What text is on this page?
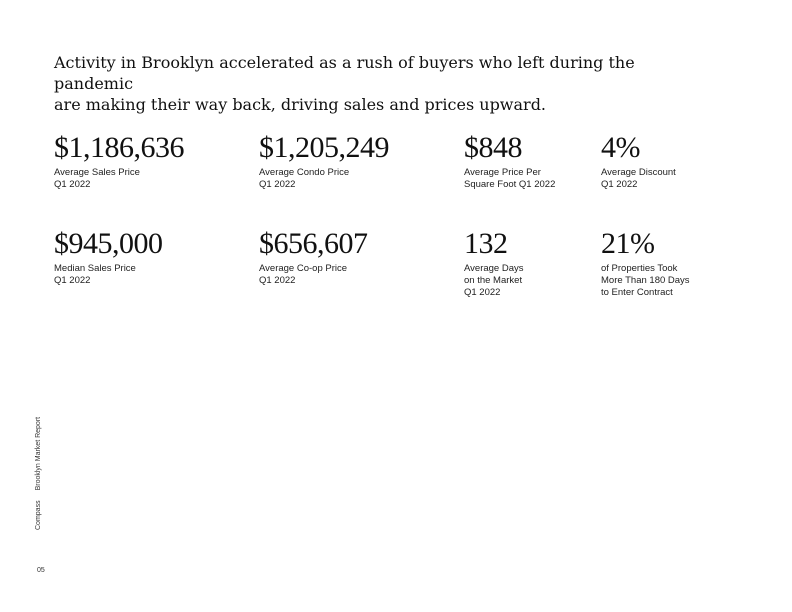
Activity in Brooklyn accelerated as a rush of buyers who left during the pandemic
are making their way back, driving sales and prices upward.

$1,186,636
Average Sales Price
Q1 2022
$1,205,249
Average Condo Price
Q1 2022
$848
Average Price Per
Square Foot Q1 2022
4%
Average Discount
Q1 2022
$945,000
Median Sales Price
Q1 2022
$656,607
Average Co-op Price
Q1 2022
132
Average Days
on the Market
Q1 2022
21%
of Properties Took
More Than 180 Days
to Enter Contract
CompassBrooklyn Market Report
05
